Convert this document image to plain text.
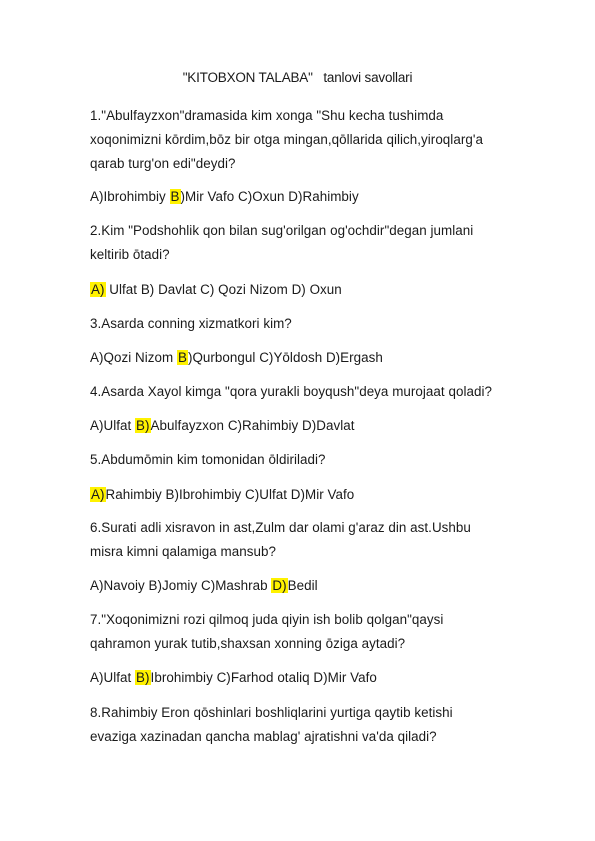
"KITOBXON TALABA" tanlovi savollari
1."Abulfayzxon"dramasida kim xonga "Shu kecha tushimda
xoqonimizni kōrdim,bōz bir otga mingan,qōllarida qilich,yiroqlarg'a
qarab turg'on edi"deydi?
A)Ibrohimbiy B)Mir Vafo C)Oxun D)Rahimbiy
2.Kim "Podshohlik qon bilan sug'orilgan og'ochdir"degan jumlani
keltirib ōtadi?
A) Ulfat B) Davlat C) Qozi Nizom D) Oxun
3.Asarda conning xizmatkori kim?
A)Qozi Nizom B)Qurbongul C)Yōldosh D)Ergash
4.Asarda Xayol kimga "qora yurakli boyqush"deya murojaat qoladi?
A)Ulfat B)Abulfayzxon C)Rahimbiy D)Davlat
5.Abdumōmin kim tomonidan ōldiriladi?
A)Rahimbiy B)Ibrohimbiy C)Ulfat D)Mir Vafo
6.Surati adli xisravon in ast,Zulm dar olami g'araz din ast.Ushbu
misra kimni qalamiga mansub?
A)Navoiy B)Jomiy C)Mashrab D)Bedil
7."Xoqonimizni rozi qilmoq juda qiyin ish bolib qolgan"qaysi
qahramon yurak tutib,shaxsan xonning ōziga aytadi?
A)Ulfat B)Ibrohimbiy C)Farhod otaliq D)Mir Vafo
8.Rahimbiy Eron qōshinlari boshliqlarini yurtiga qaytib ketishi
evaziga xazinadan qancha mablag' ajratishni va'da qiladi?
